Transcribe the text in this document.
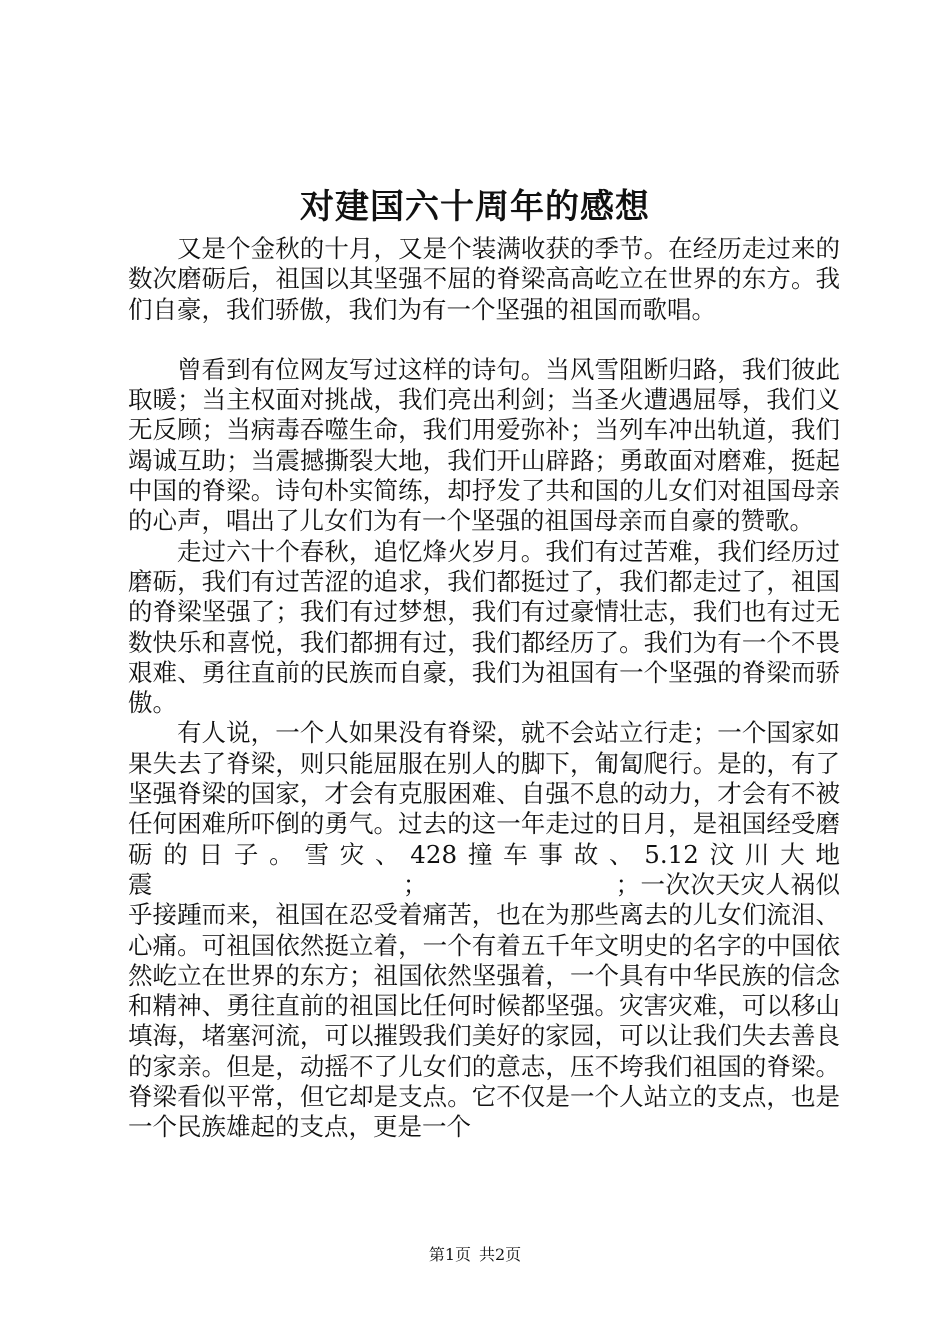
对建国六十周年的感想

又是个金秋的十月，又是个装满收获的季节。在经历走过来的数次磨砺后，祖国以其坚强不屈的脊梁高高屹立在世界的东方。我们自豪，我们骄傲，我们为有一个坚强的祖国而歌唱。

曾看到有位网友写过这样的诗句。当风雪阻断归路，我们彼此取暖；当主权面对挑战，我们亮出利剑；当圣火遭遇屈辱，我们义无反顾；当病毒吞噬生命，我们用爱弥补；当列车冲出轨道，我们竭诚互助；当震撼撕裂大地，我们开山辟路；勇敢面对磨难，挺起中国的脊梁。诗句朴实简练，却抒发了共和国的儿女们对祖国母亲的心声，唱出了儿女们为有一个坚强的祖国母亲而自豪的赞歌。

走过六十个春秋，追忆烽火岁月。我们有过苦难，我们经历过磨砺，我们有过苦涩的追求，我们都挺过了，我们都走过了，祖国的脊梁坚强了；我们有过梦想，我们有过豪情壮志，我们也有过无数快乐和喜悦，我们都拥有过，我们都经历了。我们为有一个不畏艰难、勇往直前的民族而自豪，我们为祖国有一个坚强的脊梁而骄傲。

有人说，一个人如果没有脊梁，就不会站立行走；一个国家如果失去了脊梁，则只能屈服在别人的脚下，匍匐爬行。是的，有了坚强脊梁的国家，才会有克服困难、自强不息的动力，才会有不被任何困难所吓倒的勇气。过去的这一年走过的日月，是祖国经受磨砺的日子。雪灾、428撞车事故、5.12汶川大地震　　　　　　　　　　；　　　　　　　　；一次次天灾人祸似乎接踵而来，祖国在忍受着痛苦，也在为那些离去的儿女们流泪、心痛。可祖国依然挺立着，一个有着五千年文明史的名字的中国依然屹立在世界的东方；祖国依然坚强着，一个具有中华民族的信念和精神、勇往直前的祖国比任何时候都坚强。灾害灾难，可以移山填海，堵塞河流，可以摧毁我们美好的家园，可以让我们失去善良的家亲。但是，动摇不了儿女们的意志，压不垮我们祖国的脊梁。脊梁看似平常，但它却是支点。它不仅是一个人站立的支点，也是一个民族雄起的支点，更是一个

第1页 共2页
